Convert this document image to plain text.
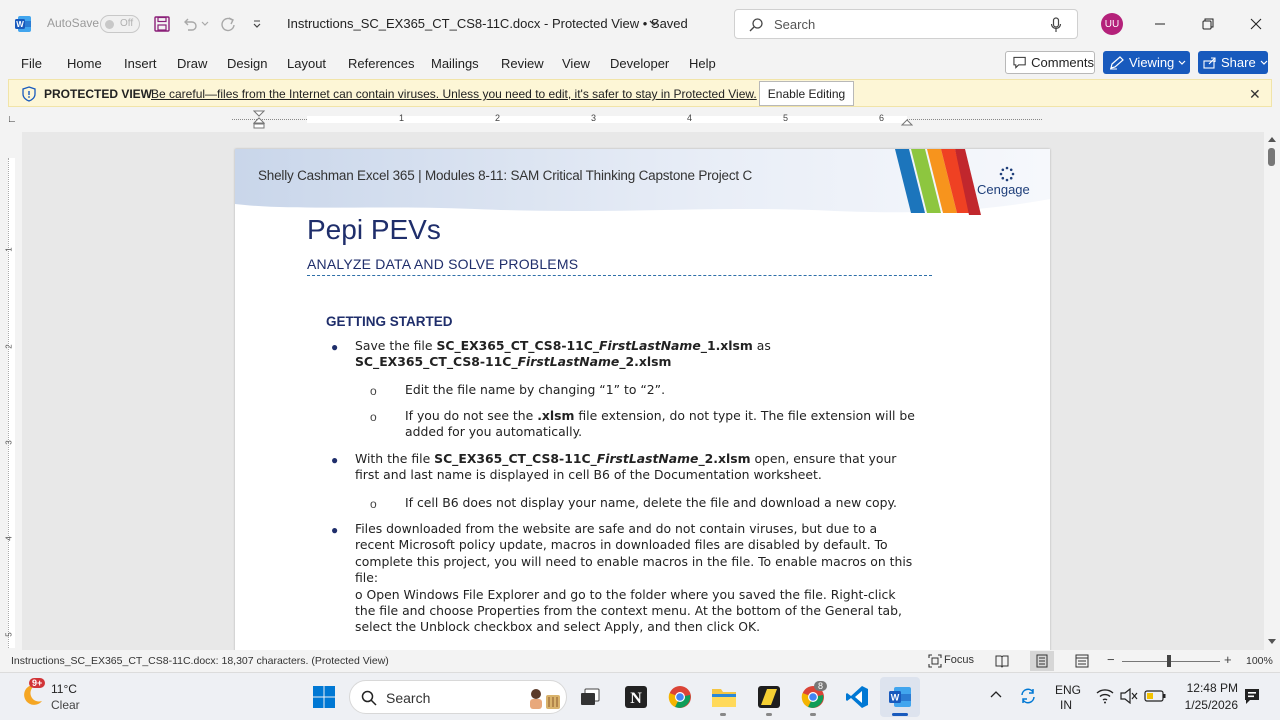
W AutoSave Off	Instructions_SC_EX365_CT_CS8-11C.docx - Protected View • Saved	Search	UU
File Home Insert Draw Design Layout References Mailings Review View Developer Help	Comments	Viewing	Share
PROTECTED VIEW
Be careful—files from the Internet can contain viruses. Unless you need to edit, it's safer to stay in Protected View. Enable Editing	✕
∟	1	2	3	4	5	6
1
2
3
4
5
Shelly Cashman Excel 365 | Modules 8-11: SAM Critical Thinking Capstone Project C
Cengage
Pepi PEVs
ANALYZE DATA AND SOLVE PROBLEMS
GETTING STARTED
● Save the file SC_EX365_CT_CS8-11C_FirstLastName_1.xlsm as
SC_EX365_CT_CS8-11C_FirstLastName_2.xlsm
o Edit the file name by changing “1” to “2”.
o If you do not see the .xlsm file extension, do not type it. The file extension will be
added for you automatically.
● With the file SC_EX365_CT_CS8-11C_FirstLastName_2.xlsm open, ensure that your
first and last name is displayed in cell B6 of the Documentation worksheet.
o If cell B6 does not display your name, delete the file and download a new copy.
● Files downloaded from the website are safe and do not contain viruses, but due to a
recent Microsoft policy update, macros in downloaded files are disabled by default. To
complete this project, you will need to enable macros in the file. To enable macros on this
file:
o Open Windows File Explorer and go to the folder where you saved the file. Right-click
the file and choose Properties from the context menu. At the bottom of the General tab,
select the Unblock checkbox and select Apply, and then click OK.
Instructions_SC_EX365_CT_CS8-11C.docx: 18,307 characters. (Protected View)	Focus	−	+ 100%
9+ 11°C
Clear	Search	N
8
W
ENG
IN
12:48 PM
1/25/2026
